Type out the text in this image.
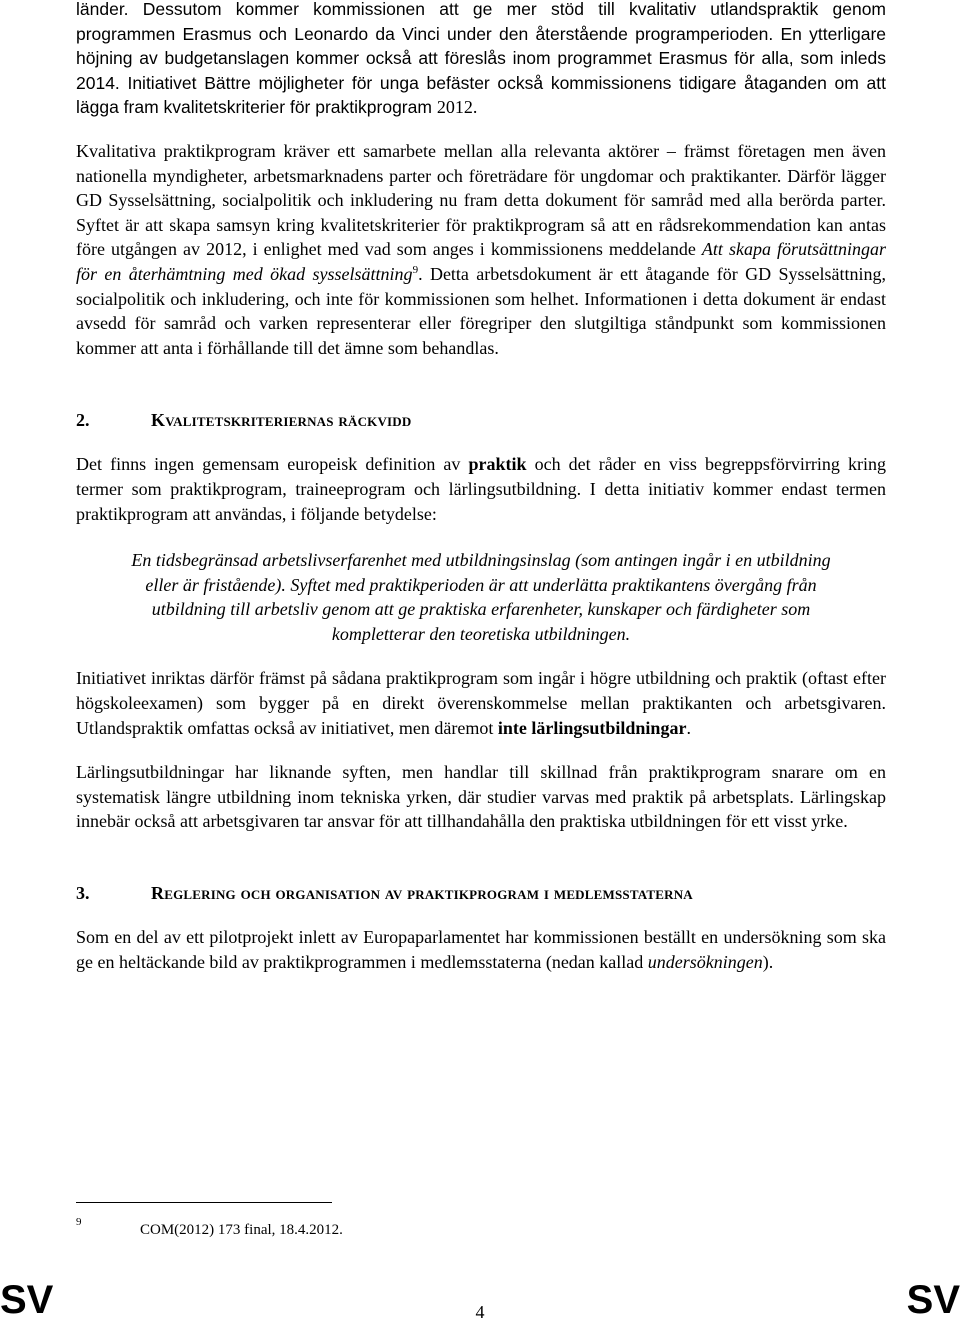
länder. Dessutom kommer kommissionen att ge mer stöd till kvalitativ utlandspraktik genom programmen Erasmus och Leonardo da Vinci under den återstående programperioden. En ytterligare höjning av budgetanslagen kommer också att föreslås inom programmet Erasmus för alla, som inleds 2014. Initiativet Bättre möjligheter för unga befäster också kommissionens tidigare åtaganden om att lägga fram kvalitetskriterier för praktikprogram 2012.

Kvalitativa praktikprogram kräver ett samarbete mellan alla relevanta aktörer – främst företagen men även nationella myndigheter, arbetsmarknadens parter och företrädare för ungdomar och praktikanter. Därför lägger GD Sysselsättning, socialpolitik och inkludering nu fram detta dokument för samråd med alla berörda parter. Syftet är att skapa samsyn kring kvalitetskriterier för praktikprogram så att en rådsrekommendation kan antas före utgången av 2012, i enlighet med vad som anges i kommissionens meddelande Att skapa förutsättningar för en återhämtning med ökad sysselsättning$^9$. Detta arbetsdokument är ett åtagande för GD Sysselsättning, socialpolitik och inkludering, och inte för kommissionen som helhet. Informationen i detta dokument är endast avsedd för samråd och varken representerar eller föregriper den slutgiltiga ståndpunkt som kommissionen kommer att anta i förhållande till det ämne som behandlas.

2.	Kvalitetskriteriernas räckvidd

Det finns ingen gemensam europeisk definition av praktik och det råder en viss begreppsförvirring kring termer som praktikprogram, traineeprogram och lärlingsutbildning. I detta initiativ kommer endast termen praktikprogram att användas, i följande betydelse:

En tidsbegränsad arbetslivserfarenhet med utbildningsinslag (som antingen ingår i en utbildning eller är fristående). Syftet med praktikperioden är att underlätta praktikantens övergång från utbildning till arbetsliv genom att ge praktiska erfarenheter, kunskaper och färdigheter som kompletterar den teoretiska utbildningen.

Initiativet inriktas därför främst på sådana praktikprogram som ingår i högre utbildning och praktik (oftast efter högskoleexamen) som bygger på en direkt överenskommelse mellan praktikanten och arbetsgivaren. Utlandspraktik omfattas också av initiativet, men däremot inte lärlingsutbildningar.

Lärlingsutbildningar har liknande syften, men handlar till skillnad från praktikprogram snarare om en systematisk längre utbildning inom tekniska yrken, där studier varvas med praktik på arbetsplats. Lärlingskap innebär också att arbetsgivaren tar ansvar för att tillhandahålla den praktiska utbildningen för ett visst yrke.

3.	Reglering och organisation av praktikprogram i medlemsstaterna

Som en del av ett pilotprojekt inlett av Europaparlamentet har kommissionen beställt en undersökning som ska ge en heltäckande bild av praktikprogrammen i medlemsstaterna (nedan kallad undersökningen).

9	COM(2012) 173 final, 18.4.2012.
SV	4	SV
